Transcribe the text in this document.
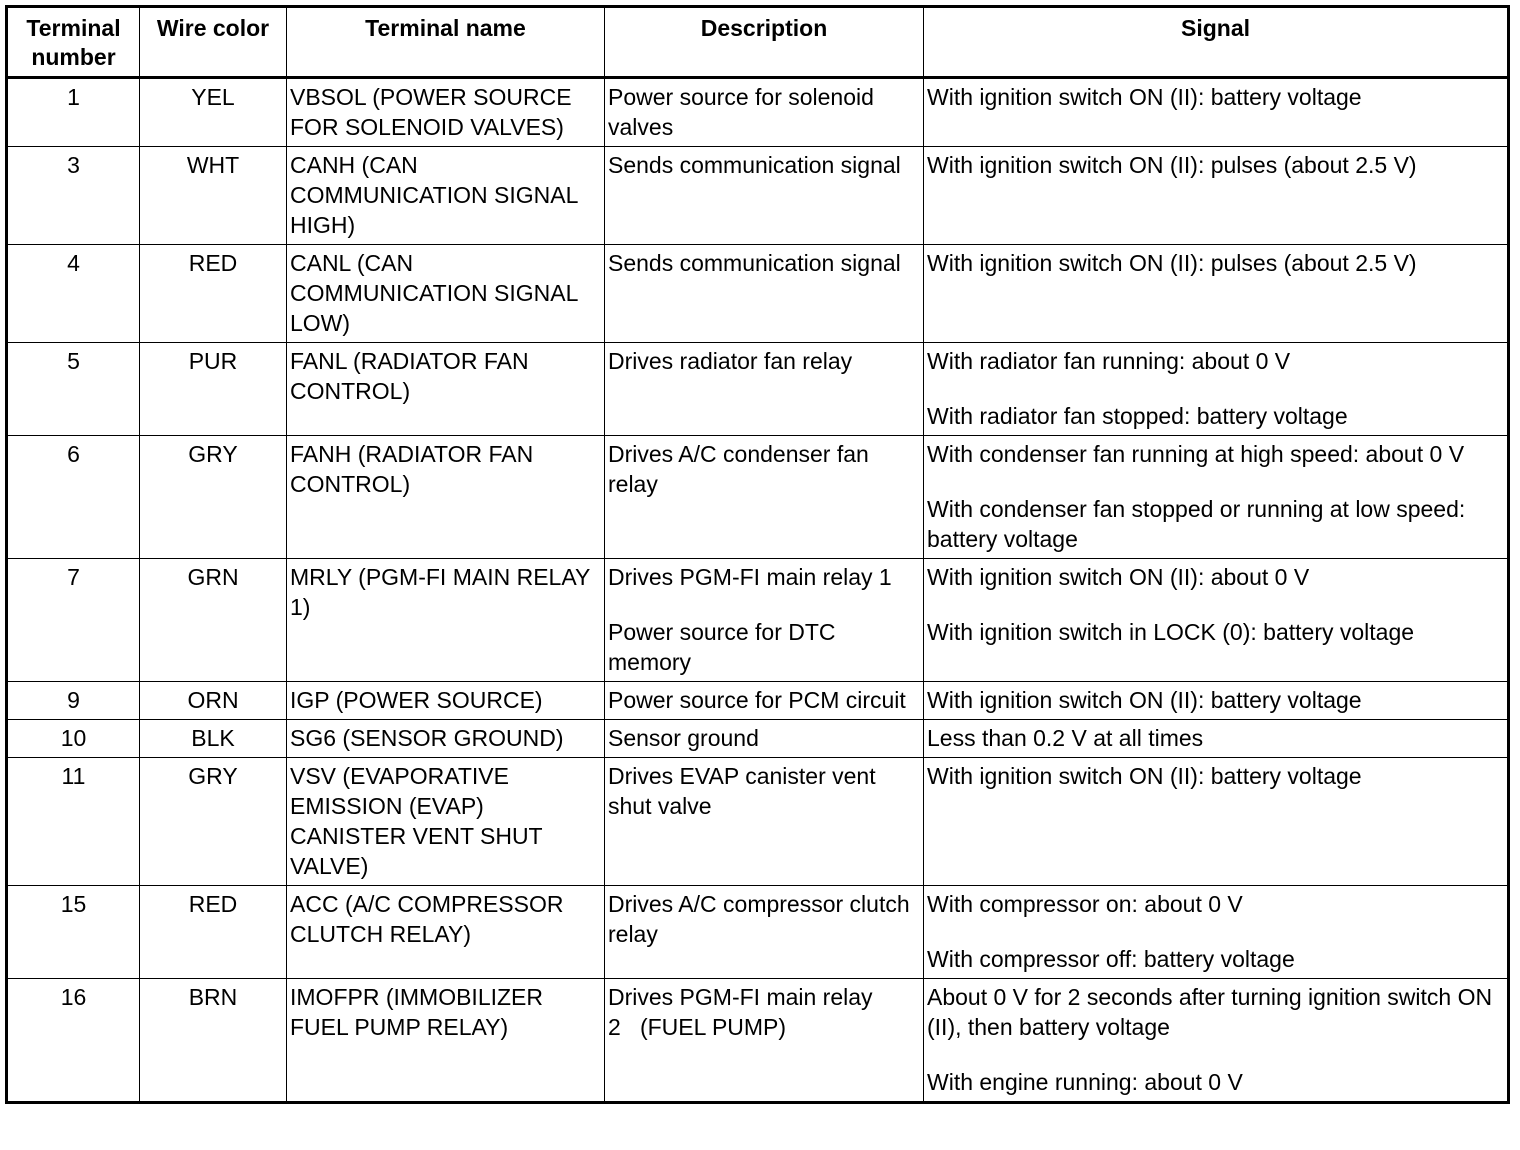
Terminal number	Wire color	Terminal name	Description	Signal
1	YEL	VBSOL (POWER SOURCE FOR SOLENOID VALVES)	Power source for solenoid valves	With ignition switch ON (II): battery voltage

3	WHT	CANH (CAN COMMUNICATION SIGNAL HIGH)	Sends communication signal	With ignition switch ON (II): pulses (about 2.5 V)

4	RED	CANL (CAN COMMUNICATION SIGNAL LOW)	Sends communication signal	With ignition switch ON (II): pulses (about 2.5 V)

5	PUR	FANL (RADIATOR FAN CONTROL)	Drives radiator fan relay	With radiator fan running: about 0 V
With radiator fan stopped: battery voltage

6	GRY	FANH (RADIATOR FAN CONTROL)	Drives A/C condenser fan relay	With condenser fan running at high speed: about 0 V
With condenser fan stopped or running at low speed: battery voltage

7	GRN	MRLY (PGM-FI MAIN RELAY 1)	Drives PGM-FI main relay 1
Power source for DTC memory	With ignition switch ON (II): about 0 V
With ignition switch in LOCK (0): battery voltage

9	ORN	IGP (POWER SOURCE)	Power source for PCM circuit	With ignition switch ON (II): battery voltage

10	BLK	SG6 (SENSOR GROUND)	Sensor ground	Less than 0.2 V at all times

11	GRY	VSV (EVAPORATIVE EMISSION (EVAP) CANISTER VENT SHUT VALVE)	Drives EVAP canister vent shut valve	With ignition switch ON (II): battery voltage

15	RED	ACC (A/C COMPRESSOR CLUTCH RELAY)	Drives A/C compressor clutch relay	With compressor on: about 0 V
With compressor off: battery voltage

16	BRN	IMOFPR (IMMOBILIZER FUEL PUMP RELAY)	Drives PGM-FI main relay 2   (FUEL PUMP)	About 0 V for 2 seconds after turning ignition switch ON (II), then battery voltage
With engine running: about 0 V
